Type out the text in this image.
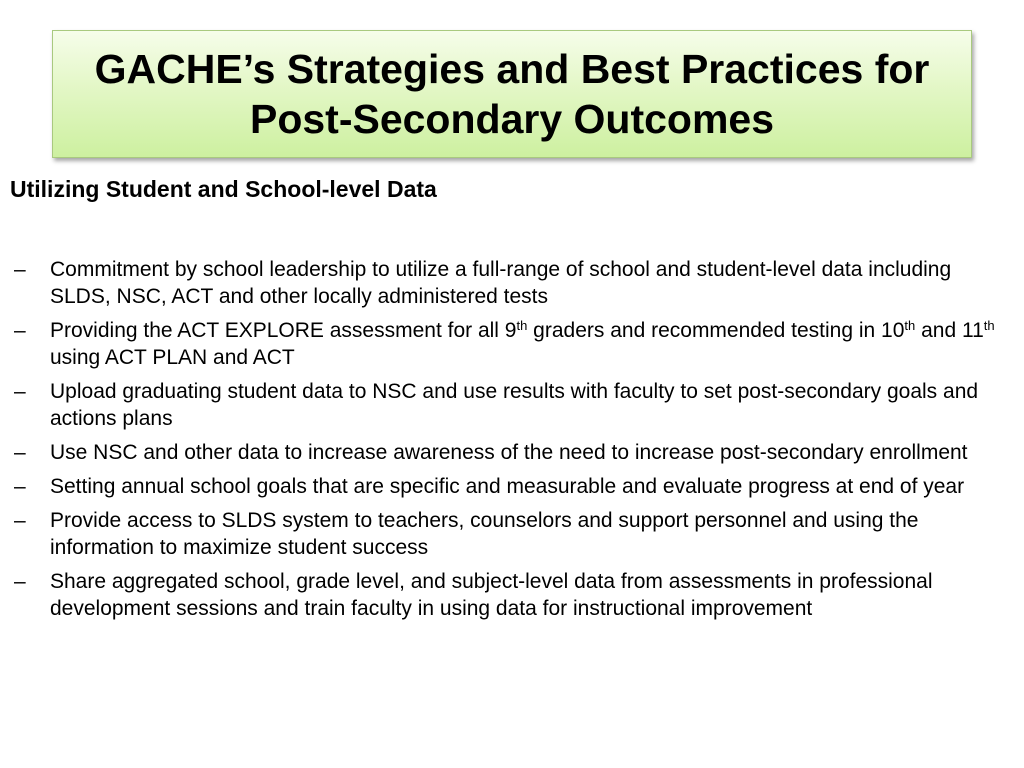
GACHE’s Strategies and Best Practices for Post-Secondary Outcomes
Utilizing Student and School-level Data
–	Commitment by school leadership to utilize a full-range of school and student-level data including SLDS, NSC, ACT and other locally administered tests
–	Providing the ACT EXPLORE assessment for all 9th graders and recommended testing in 10th and 11th using ACT PLAN and ACT
–	Upload graduating student data to NSC and use results with faculty to set post-secondary goals and actions plans
–	Use NSC and other data to increase awareness of the need to increase post-secondary enrollment
–	Setting annual school goals that are specific and measurable and evaluate progress at end of year
–	Provide access to SLDS system to teachers, counselors and support personnel and using the information to maximize student success
–	Share aggregated school, grade level, and subject-level data from assessments in professional development sessions and train faculty in using data for instructional improvement
